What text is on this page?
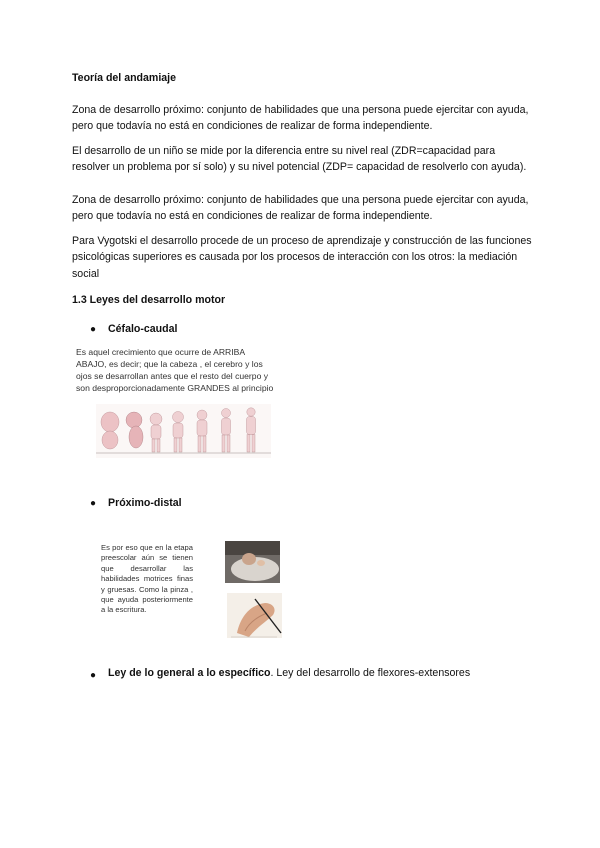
Teoría del andamiaje

Zona de desarrollo próximo: conjunto de habilidades que una persona puede ejercitar con ayuda, pero que todavía no está en condiciones de realizar de forma independiente.

El desarrollo de un niño se mide por la diferencia entre su nivel real (ZDR=capacidad para resolver un problema por sí solo) y su nivel potencial (ZDP= capacidad de resolverlo con ayuda).

Zona de desarrollo próximo: conjunto de habilidades que una persona puede ejercitar con ayuda, pero que todavía no está en condiciones de realizar de forma independiente.

Para Vygotski el desarrollo procede de un proceso de aprendizaje y construcción de las funciones psicológicas superiores es causada por los procesos de interacción con los otros: la mediación social

1.3 Leyes del desarrollo motor

● Céfalo-caudal

Es aquel crecimiento que ocurre de ARRIBA ABAJO, es decir; que la cabeza , el cerebro y los ojos se desarrollan antes que el resto del cuerpo y son desproporcionadamente GRANDES al principio

● Próximo-distal

Es por eso que en la etapa preescolar aún se tienen que desarrollar las habilidades motrices finas y gruesas. Como la pinza , que ayuda posteriormente a la escritura.

● Ley de lo general a lo específico. Ley del desarrollo de flexores-extensores
